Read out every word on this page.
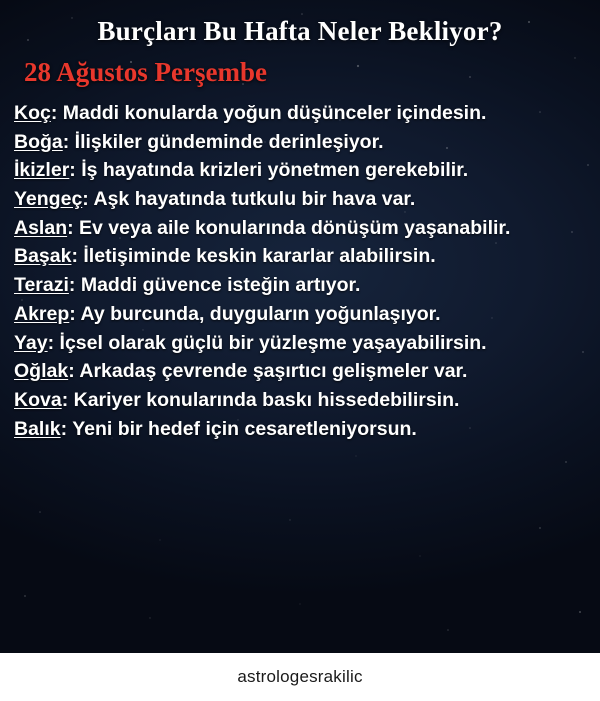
Burçları Bu Hafta Neler Bekliyor?
28 Ağustos Perşembe
Koç: Maddi konularda yoğun düşünceler içindesin.
Boğa: İlişkiler gündeminde derinleşiyor.
İkizler: İş hayatında krizleri yönetmen gerekebilir.
Yengeç: Aşk hayatında tutkulu bir hava var.
Aslan: Ev veya aile konularında dönüşüm yaşanabilir.
Başak: İletişiminde keskin kararlar alabilirsin.
Terazi: Maddi güvence isteğin artıyor.
Akrep: Ay burcunda, duyguların yoğunlaşıyor.
Yay: İçsel olarak güçlü bir yüzleşme yaşayabilirsin.
Oğlak: Arkadaş çevrende şaşırtıcı gelişmeler var.
Kova: Kariyer konularında baskı hissedebilirsin.
Balık: Yeni bir hedef için cesaretleniyorsun.
astrologesrakilic
